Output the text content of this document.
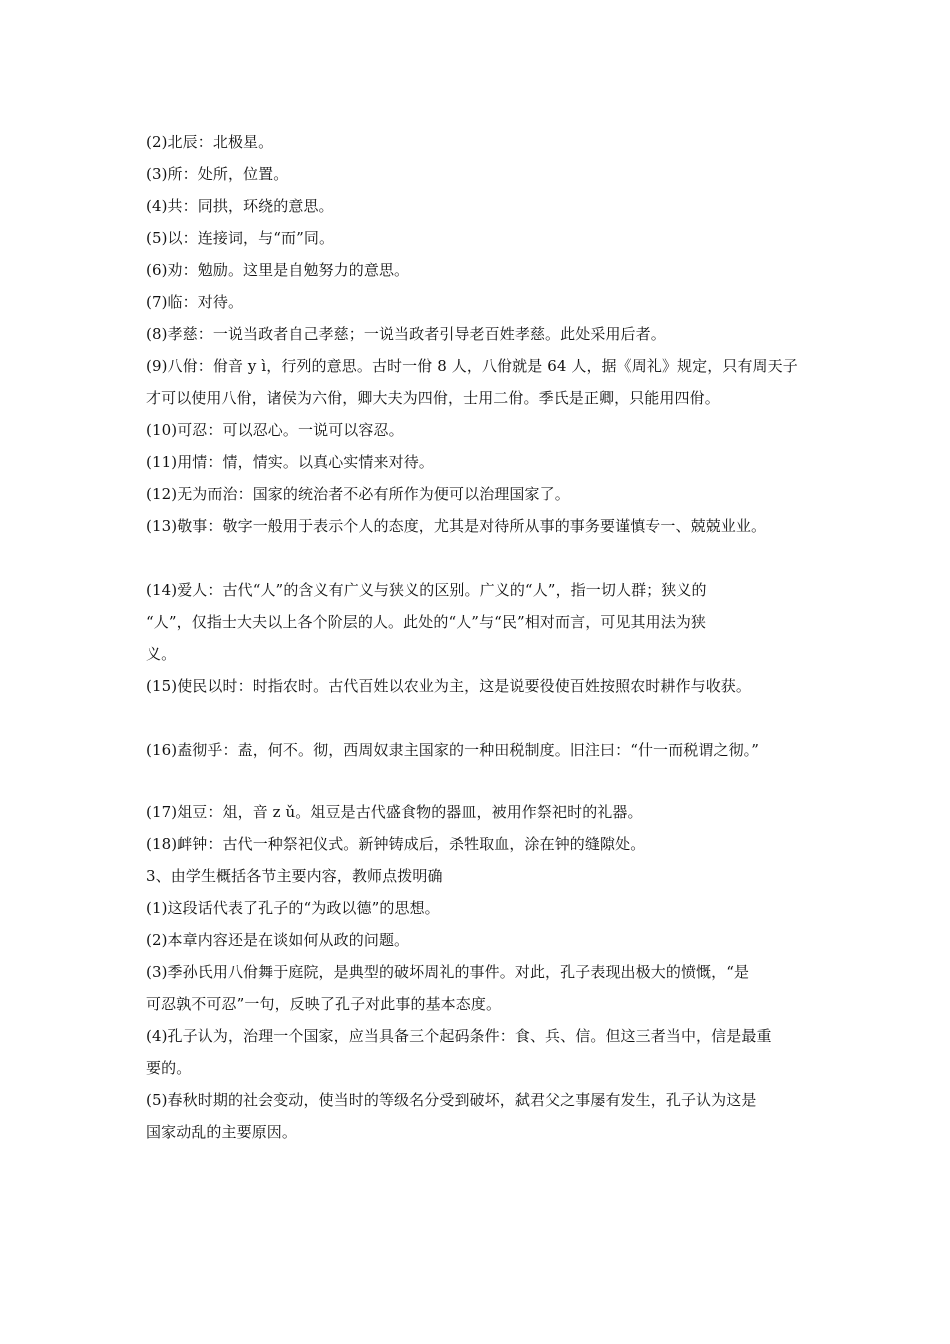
(2)北辰：北极星。
(3)所：处所，位置。
(4)共：同拱，环绕的意思。
(5)以：连接词，与“而”同。
(6)劝：勉励。这里是自勉努力的意思。
(7)临：对待。
(8)孝慈：一说当政者自己孝慈；一说当政者引导老百姓孝慈。此处采用后者。
(9)八佾：佾音 y ì，行列的意思。古时一佾 8 人，八佾就是 64 人，据《周礼》规定，只有周天子
才可以使用八佾，诸侯为六佾，卿大夫为四佾，士用二佾。季氏是正卿，只能用四佾。
(10)可忍：可以忍心。一说可以容忍。
(11)用情：情，情实。以真心实情来对待。
(12)无为而治：国家的统治者不必有所作为便可以治理国家了。
(13)敬事：敬字一般用于表示个人的态度，尤其是对待所从事的事务要谨慎专一、兢兢业业。
(14)爱人：古代“人”的含义有广义与狭义的区别。广义的“人”，指一切人群；狭义的
“人”，仅指士大夫以上各个阶层的人。此处的“人”与“民”相对而言，可见其用法为狭
义。
(15)使民以时：时指农时。古代百姓以农业为主，这是说要役使百姓按照农时耕作与收获。
(16)盍彻乎：盍，何不。彻，西周奴隶主国家的一种田税制度。旧注曰：“什一而税谓之彻。”
(17)俎豆：俎，音 z ǔ。俎豆是古代盛食物的器皿，被用作祭祀时的礼器。
(18)衅钟：古代一种祭祀仪式。新钟铸成后，杀牲取血，涂在钟的缝隙处。
3、由学生概括各节主要内容，教师点拨明确
(1)这段话代表了孔子的“为政以德”的思想。
(2)本章内容还是在谈如何从政的问题。
(3)季孙氏用八佾舞于庭院，是典型的破坏周礼的事件。对此，孔子表现出极大的愤慨，“是
可忍孰不可忍”一句，反映了孔子对此事的基本态度。
(4)孔子认为，治理一个国家，应当具备三个起码条件：食、兵、信。但这三者当中，信是最重
要的。
(5)春秋时期的社会变动，使当时的等级名分受到破坏，弑君父之事屡有发生，孔子认为这是
国家动乱的主要原因。
